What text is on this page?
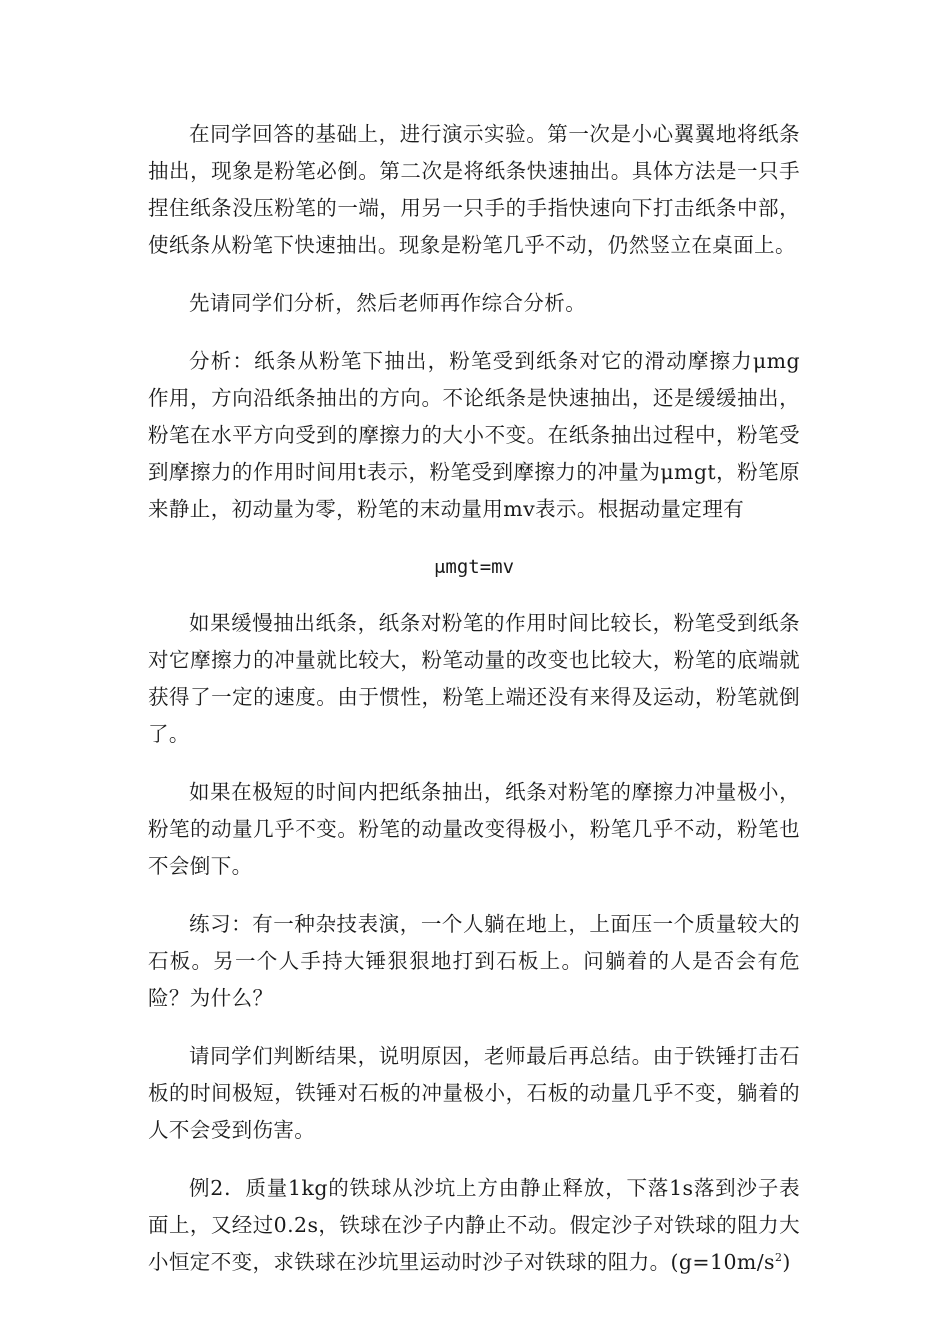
在同学回答的基础上，进行演示实验。第一次是小心翼翼地将纸条抽出，现象是粉笔必倒。第二次是将纸条快速抽出。具体方法是一只手捏住纸条没压粉笔的一端，用另一只手的手指快速向下打击纸条中部，使纸条从粉笔下快速抽出。现象是粉笔几乎不动，仍然竖立在桌面上。

先请同学们分析，然后老师再作综合分析。

分析：纸条从粉笔下抽出，粉笔受到纸条对它的滑动摩擦力μmg作用，方向沿纸条抽出的方向。不论纸条是快速抽出，还是缓缓抽出，粉笔在水平方向受到的摩擦力的大小不变。在纸条抽出过程中，粉笔受到摩擦力的作用时间用t表示，粉笔受到摩擦力的冲量为μmgt，粉笔原来静止，初动量为零，粉笔的末动量用mv表示。根据动量定理有

μmgt=mv

如果缓慢抽出纸条，纸条对粉笔的作用时间比较长，粉笔受到纸条对它摩擦力的冲量就比较大，粉笔动量的改变也比较大，粉笔的底端就获得了一定的速度。由于惯性，粉笔上端还没有来得及运动，粉笔就倒了。

如果在极短的时间内把纸条抽出，纸条对粉笔的摩擦力冲量极小，粉笔的动量几乎不变。粉笔的动量改变得极小，粉笔几乎不动，粉笔也不会倒下。

练习：有一种杂技表演，一个人躺在地上，上面压一个质量较大的石板。另一个人手持大锤狠狠地打到石板上。问躺着的人是否会有危险？为什么？

请同学们判断结果，说明原因，老师最后再总结。由于铁锤打击石板的时间极短，铁锤对石板的冲量极小，石板的动量几乎不变，躺着的人不会受到伤害。

例2．质量1kg的铁球从沙坑上方由静止释放，下落1s落到沙子表面上，又经过0.2s，铁球在沙子内静止不动。假定沙子对铁球的阻力大小恒定不变，求铁球在沙坑里运动时沙子对铁球的阻力。$(g=10m/s^2)$
